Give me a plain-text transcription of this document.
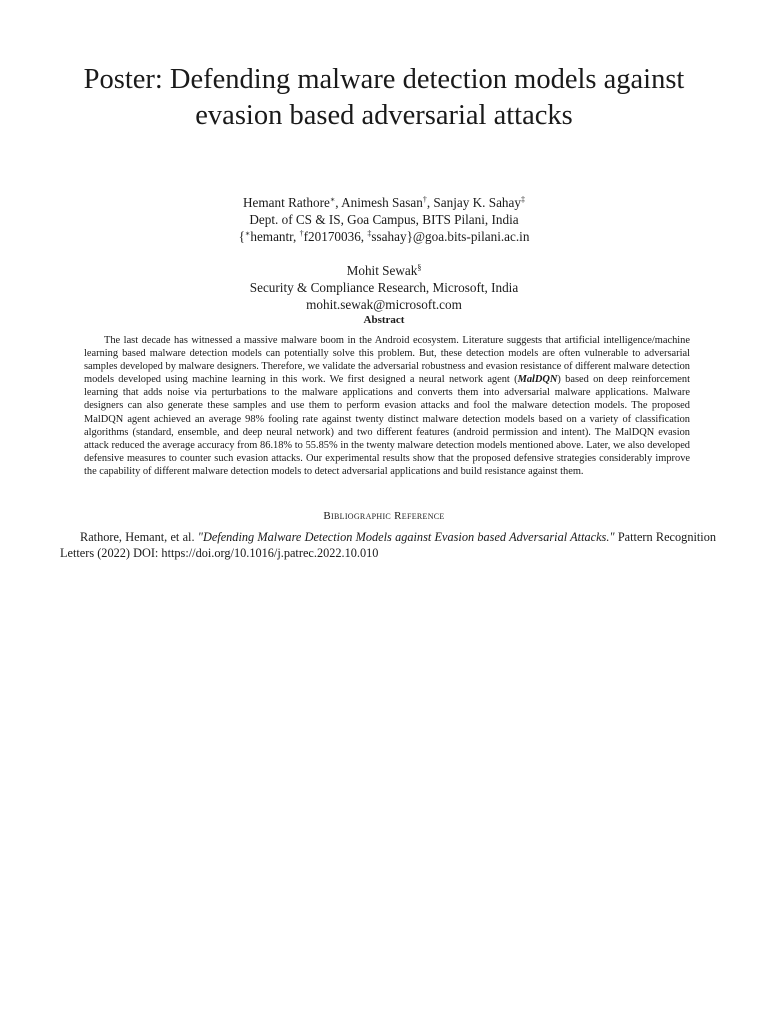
Poster: Defending malware detection models against
evasion based adversarial attacks
Hemant Rathore∗, Animesh Sasan†, Sanjay K. Sahay‡
Dept. of CS & IS, Goa Campus, BITS Pilani, India
{∗hemantr, †f20170036, ‡ssahay}@goa.bits-pilani.ac.in
Mohit Sewak§
Security & Compliance Research, Microsoft, India
mohit.sewak@microsoft.com
Abstract

The last decade has witnessed a massive malware boom in the Android ecosystem. Literature suggests that artificial intelligence/machine learning based malware detection models can potentially solve this problem. But, these detection models are often vulnerable to adversarial samples developed by malware designers. Therefore, we validate the adversarial robustness and evasion resistance of different malware detection models developed using machine learning in this work. We first designed a neural network agent (MalDQN) based on deep reinforcement learning that adds noise via perturbations to the malware applications and converts them into adversarial malware applications. Malware designers can also generate these samples and use them to perform evasion attacks and fool the malware detection models. The proposed MalDQN agent achieved an average 98% fooling rate against twenty distinct malware detection models based on a variety of classification algorithms (standard, ensemble, and deep neural network) and two different features (android permission and intent). The MalDQN evasion attack reduced the average accuracy from 86.18% to 55.85% in the twenty malware detection models mentioned above. Later, we also developed defensive measures to counter such evasion attacks. Our experimental results show that the proposed defensive strategies considerably improve the capability of different malware detection models to detect adversarial applications and build resistance against them.

Bibliographic Reference

Rathore, Hemant, et al. "Defending Malware Detection Models against Evasion based Adversarial Attacks." Pattern Recognition Letters (2022) DOI: https://doi.org/10.1016/j.patrec.2022.10.010
